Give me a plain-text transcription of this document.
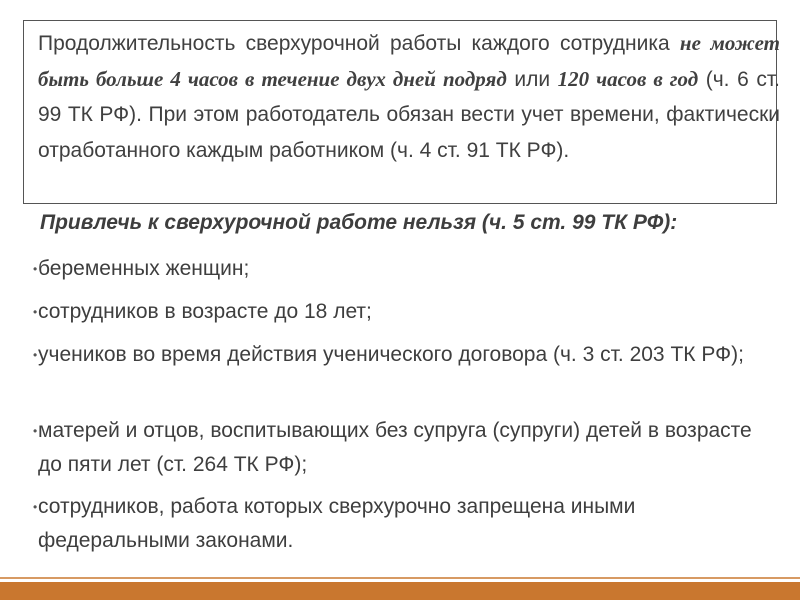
Продолжительность сверхурочной работы каждого сотрудника не может быть больше 4 часов в течение двух дней подряд или 120 часов в год (ч. 6 ст. 99 ТК РФ). При этом работодатель обязан вести учет времени, фактически отработанного каждым работником (ч. 4 ст. 91 ТК РФ).

Привлечь к сверхурочной работе нельзя (ч. 5 ст. 99 ТК РФ):

• беременных женщин;
• сотрудников в возрасте до 18 лет;
• учеников во время действия ученического договора (ч. 3 ст. 203 ТК РФ);
• матерей и отцов, воспитывающих без супруга (супруги) детей в возрасте до пяти лет (ст. 264 ТК РФ);
• сотрудников, работа которых сверхурочно запрещена иными федеральными законами.
